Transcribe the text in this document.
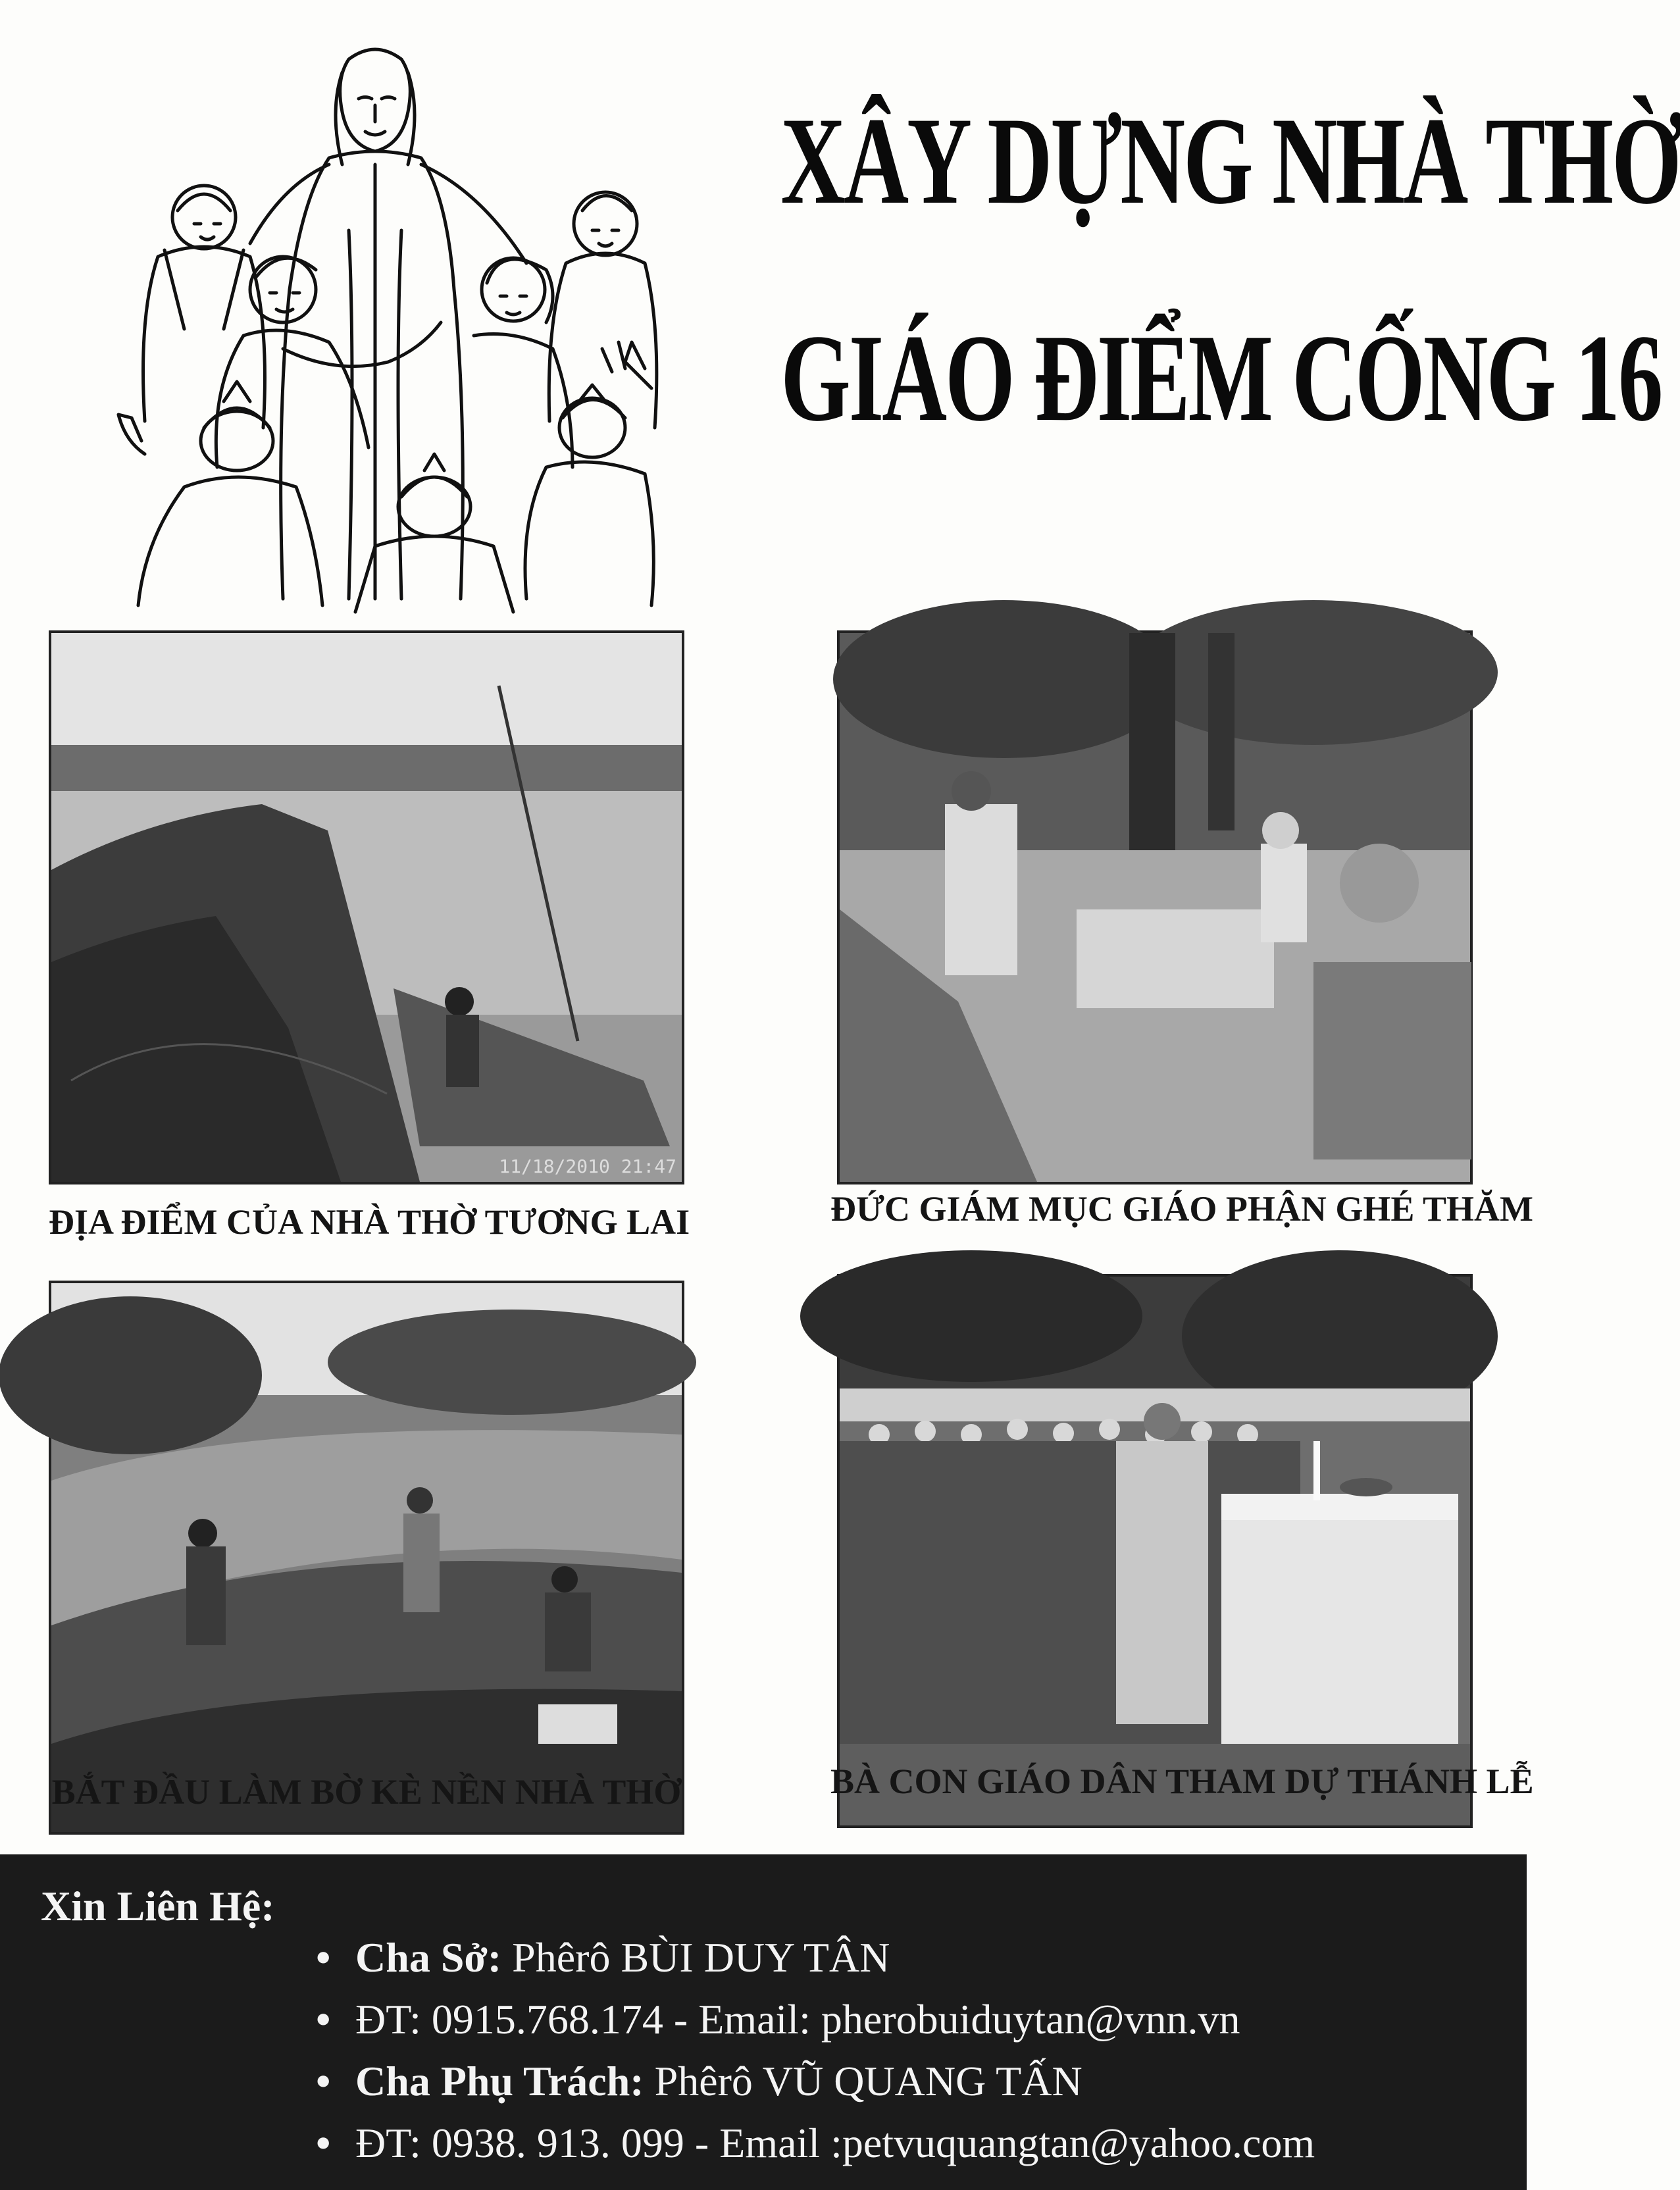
XÂY DỰNG NHÀ THỜ
GIÁO ĐIỂM CỐNG 16
11/18/2010 21:47
ĐỊA ĐIỂM CỦA NHÀ THỜ TƯƠNG LAI	ĐỨC GIÁM MỤC GIÁO PHẬN GHÉ THĂM
BẮT ĐẦU LÀM BỜ KÈ NỀN NHÀ THỜ	BÀ CON GIÁO DÂN THAM DỰ THÁNH LỄ
Xin Liên Hệ:
• Cha Sở: Phêrô BÙI DUY TÂN
• ĐT: 0915.768.174 - Email: pherobuiduytan@vnn.vn
• Cha Phụ Trách: Phêrô VŨ QUANG TẤN
• ĐT: 0938. 913. 099 - Email :petvuquangtan@yahoo.com
